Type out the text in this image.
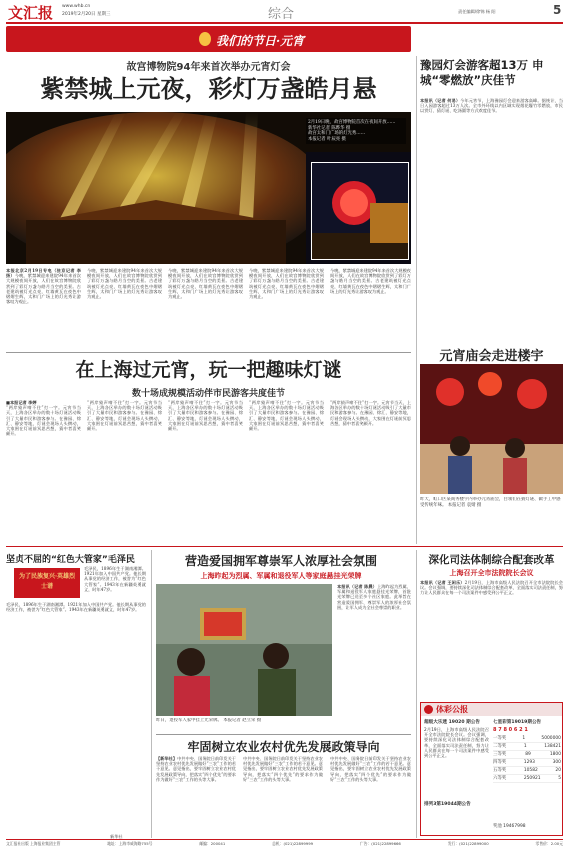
文汇报 www.whb.cn
2019年2月20日 星期三	综合	责任编辑/徐锦 杨 阳	5
我们的节日·元宵
故宫博物院94年来首次举办元宵灯会
紫禁城上元夜，彩灯万盏皓月悬
2月19日晚，故宫博物院首次在夜间开放……
新华社记者 陈晔华 摄
故宫太和门广场的灯光秀……
本报记者 叶辰亮 摄
本报北京2月19日专电（驻京记者 李扬）今晚，紫禁城迎来建院94年来首次大规模夜间开放，人们在故宫博物院欣赏到了彩灯万盏与皓月当空的美景。古老建筑被灯光点亮，红墙黄瓦在夜色中熠熠生辉，太和门广场上的灯光秀让游客叹为观止。
今晚，紫禁城迎来建院94年来首次大规模夜间开放，人们在故宫博物院欣赏到了彩灯万盏与皓月当空的美景。古老建筑被灯光点亮，红墙黄瓦在夜色中熠熠生辉，太和门广场上的灯光秀让游客叹为观止。
今晚，紫禁城迎来建院94年来首次大规模夜间开放，人们在故宫博物院欣赏到了彩灯万盏与皓月当空的美景。古老建筑被灯光点亮，红墙黄瓦在夜色中熠熠生辉，太和门广场上的灯光秀让游客叹为观止。
今晚，紫禁城迎来建院94年来首次大规模夜间开放，人们在故宫博物院欣赏到了彩灯万盏与皓月当空的美景。古老建筑被灯光点亮，红墙黄瓦在夜色中熠熠生辉，太和门广场上的灯光秀让游客叹为观止。
今晚，紫禁城迎来建院94年来首次大规模夜间开放，人们在故宫博物院欣赏到了彩灯万盏与皓月当空的美景。古老建筑被灯光点亮，红墙黄瓦在夜色中熠熠生辉，太和门广场上的灯光秀让游客叹为观止。
豫园灯会游客超13万 申城“零燃放”庆佳节
本报讯（记者 何易）今年元宵节，上海豫园灯会迎来游客高峰。据统计，当日入园游客超过13万人次。全市外环线以内区域实现烟花爆竹零燃放，市民以赏灯、猜灯谜、吃汤圆等方式欢度佳节。
元宵庙会走进楼宇
昨天，虹口区某商务楼宇内举办元宵庙会，白领们在猜灯谜、做手工中感受传统年味。 本报记者 袁婧 摄
在上海过元宵，玩一把趣味灯谜
数十场成规模活动伴市民游客共度佳节
■本报记者 李婷
“两岸猿声啼不住”打一字。元宵节当天，上海各区举办的数十场灯谜活动吸引了大量市民和游客参与。在豫园、徐汇、静安等地，灯谜会现场人头攒动，大家围在灯谜前冥思苦想，猜中者喜笑颜开。
“两岸猿声啼不住”打一字。元宵节当天，上海各区举办的数十场灯谜活动吸引了大量市民和游客参与。在豫园、徐汇、静安等地，灯谜会现场人头攒动，大家围在灯谜前冥思苦想，猜中者喜笑颜开。
“两岸猿声啼不住”打一字。元宵节当天，上海各区举办的数十场灯谜活动吸引了大量市民和游客参与。在豫园、徐汇、静安等地，灯谜会现场人头攒动，大家围在灯谜前冥思苦想，猜中者喜笑颜开。
“两岸猿声啼不住”打一字。元宵节当天，上海各区举办的数十场灯谜活动吸引了大量市民和游客参与。在豫园、徐汇、静安等地，灯谜会现场人头攒动，大家围在灯谜前冥思苦想，猜中者喜笑颜开。
“两岸猿声啼不住”打一字。元宵节当天，上海各区举办的数十场灯谜活动吸引了大量市民和游客参与。在豫园、徐汇、静安等地，灯谜会现场人头攒动，大家围在灯谜前冥思苦想，猜中者喜笑颜开。
坚贞不屈的“红色大管家”毛泽民
为了民族复兴·英雄烈士谱
毛泽民，1896年生于湖南湘潭。1921年加入中国共产党。他长期从事党的经济工作，被誉为“红色大管家”。1943年在新疆英勇就义，时年47岁。
毛泽民，1896年生于湖南湘潭。1921年加入中国共产党。他长期从事党的经济工作，被誉为“红色大管家”。1943年在新疆英勇就义，时年47岁。
新华社
营造爱国拥军尊崇军人浓厚社会氛围
上海昨起为烈属、军属和退役军人等家庭悬挂光荣牌
昨日，退役军人家中挂上光荣牌。 本报记者 赵立荣 摄
本报讯（记者 陈晨）上海昨起为烈属、军属和退役军人家庭悬挂光荣牌，首批光荣牌已送至多个社区家庭。此举旨在营造爱国拥军、尊崇军人的浓厚社会氛围，让军人成为全社会尊崇的职业。
牢固树立农业农村优先发展政策导向
【新华社】中共中央、国务院日前印发关于坚持农业农村优先发展做好“三农”工作的若干意见。意见指出，要牢固树立农业农村优先发展政策导向，把落实“四个优先”的要求作为做好“三农”工作的头等大事。
中共中央、国务院日前印发关于坚持农业农村优先发展做好“三农”工作的若干意见。意见指出，要牢固树立农业农村优先发展政策导向，把落实“四个优先”的要求作为做好“三农”工作的头等大事。
中共中央、国务院日前印发关于坚持农业农村优先发展做好“三农”工作的若干意见。意见指出，要牢固树立农业农村优先发展政策导向，把落实“四个优先”的要求作为做好“三农”工作的头等大事。
深化司法体制综合配套改革
上海召开全市法院院长会议
本报讯（记者 王闲乐）2月19日，上海市高级人民法院召开全市法院院长会议。会议强调，要持续深化司法体制综合配套改革，全面落实司法责任制，努力让人民群众在每一个司法案件中感受到公平正义。
体彩公报
超级大乐透 19020 期公告	七星彩第19019期公告
8 7 8 0 6 2 1
一等奖	1	5000000
二等奖	1	138421
三等奖	89	1800
四等奖	1293	300
五等奖	10582	20
六等奖	250921	5
奖池 19467998
2月19日，上海市高级人民法院召开全市法院院长会议。会议强调，要持续深化司法体制综合配套改革，全面落实司法责任制，努力让人民群众在每一个司法案件中感受到公平正义。
排列3第19044期公告
文汇报社出版 上海报业集团主管	地址：上海市威海路755号	邮编：200041	总机：(021)22899999	广告：(021)22899666	发行：(021)22899000	零售价：2.00元
